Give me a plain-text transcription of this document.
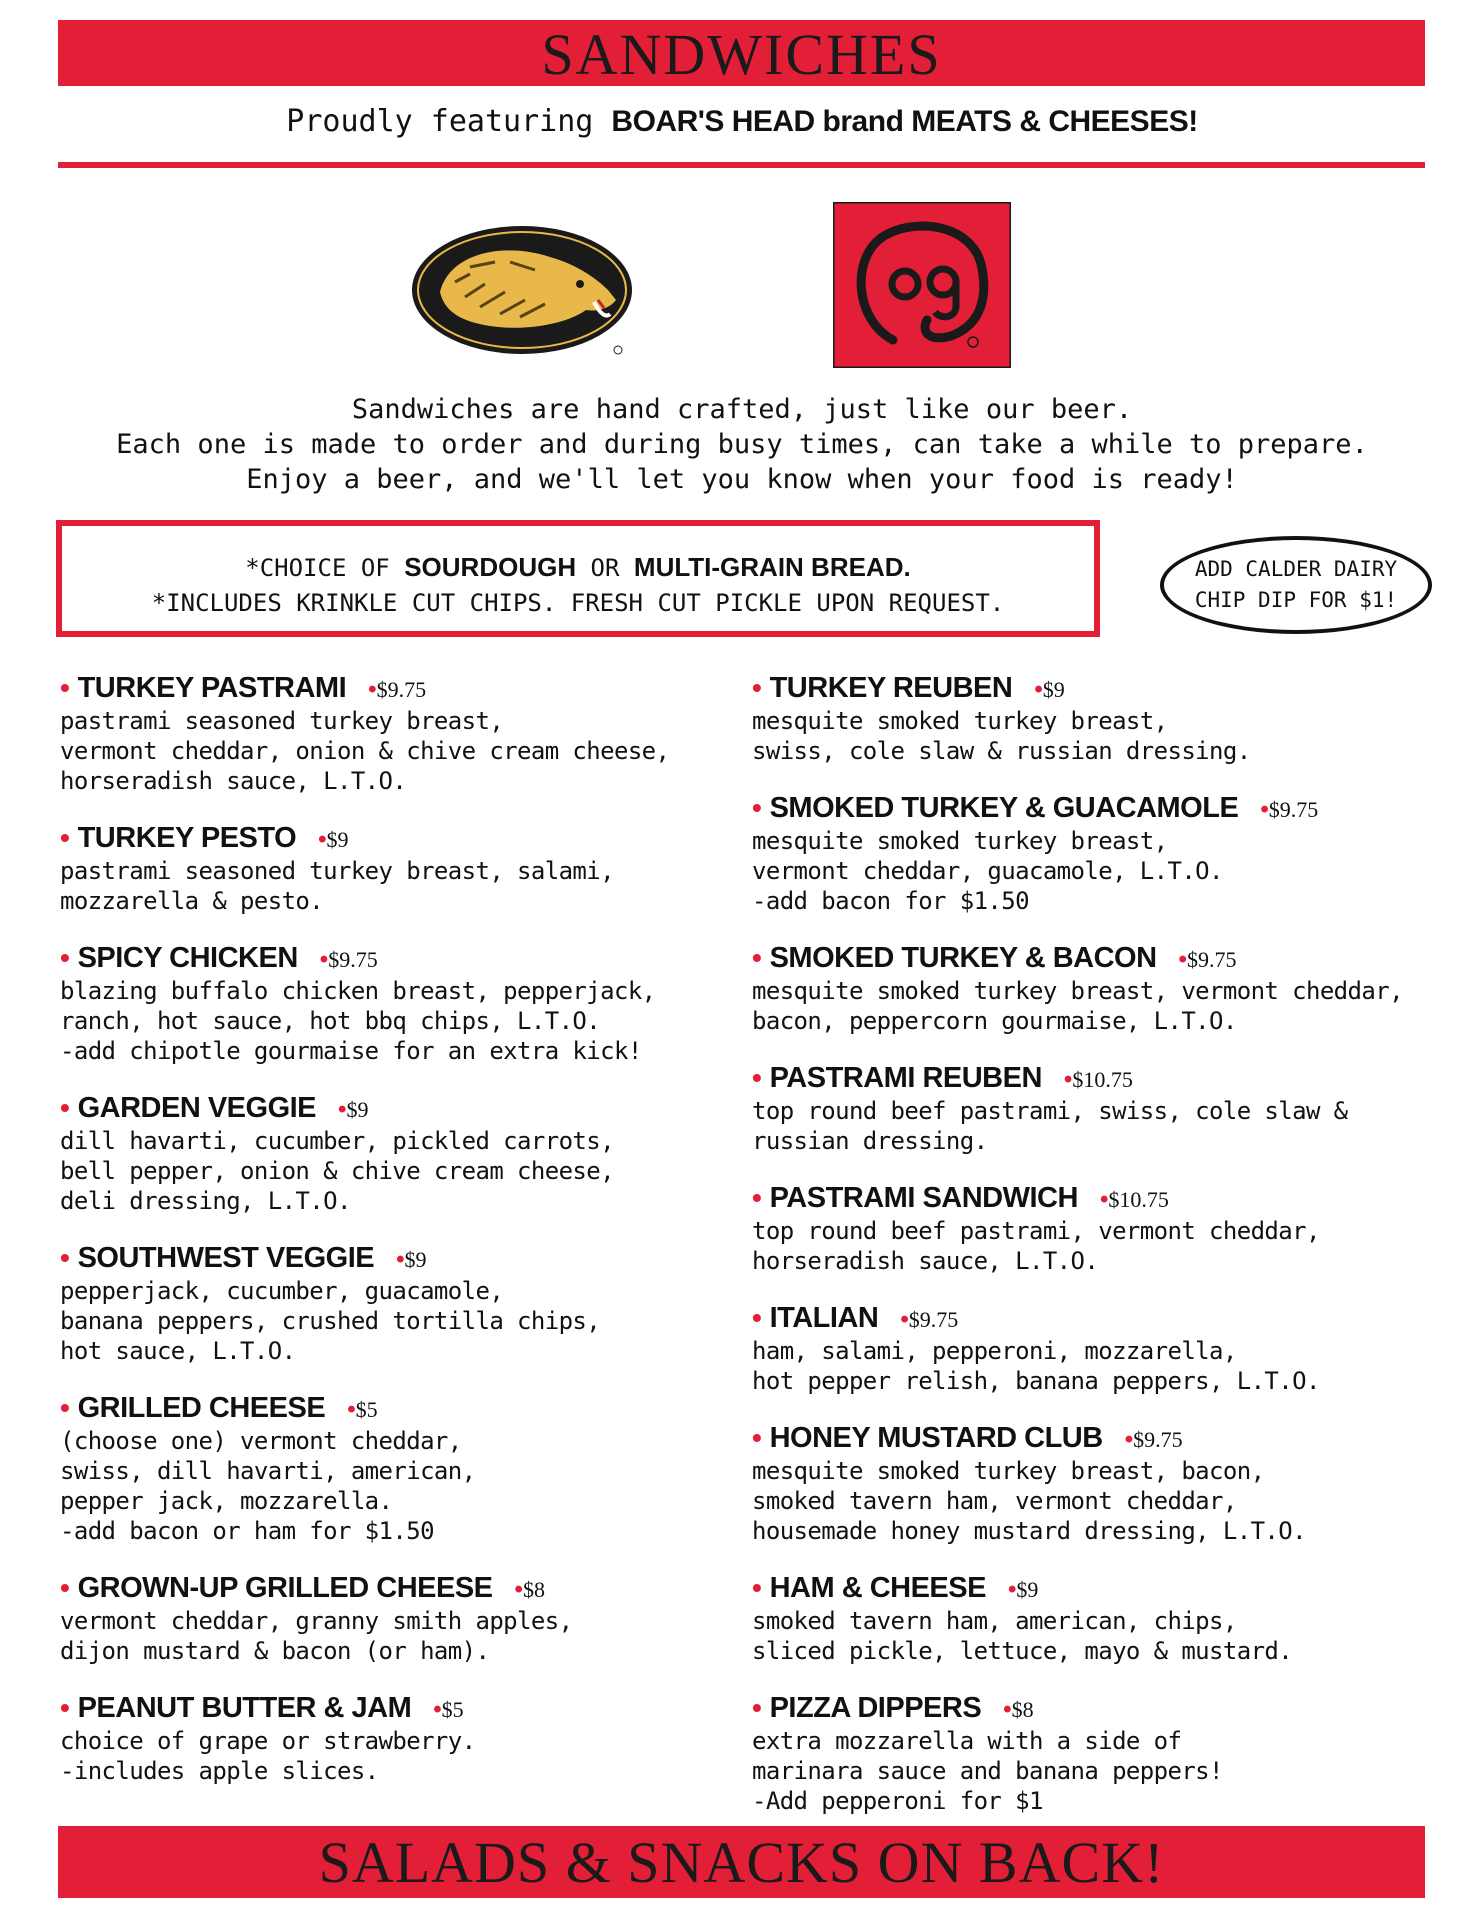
SANDWICHES
Proudly featuring BOAR'S HEAD brand MEATS & CHEESES!
Sandwiches are hand crafted, just like our beer.
Each one is made to order and during busy times, can take a while to prepare.
Enjoy a beer, and we'll let you know when your food is ready!
*CHOICE OF SOURDOUGH OR MULTI-GRAIN BREAD.
*INCLUDES KRINKLE CUT CHIPS. FRESH CUT PICKLE UPON REQUEST.
ADD CALDER DAIRY
CHIP DIP FOR $1!
• TURKEY PASTRAMI •$9.75
pastrami seasoned turkey breast,
vermont cheddar, onion & chive cream cheese,
horseradish sauce, L.T.O.
• TURKEY PESTO •$9
pastrami seasoned turkey breast, salami,
mozzarella & pesto.
• SPICY CHICKEN •$9.75
blazing buffalo chicken breast, pepperjack,
ranch, hot sauce, hot bbq chips, L.T.O.
-add chipotle gourmaise for an extra kick!
• GARDEN VEGGIE •$9
dill havarti, cucumber, pickled carrots,
bell pepper, onion & chive cream cheese,
deli dressing, L.T.O.
• SOUTHWEST VEGGIE •$9
pepperjack, cucumber, guacamole,
banana peppers, crushed tortilla chips,
hot sauce, L.T.O.
• GRILLED CHEESE •$5
(choose one) vermont cheddar,
swiss, dill havarti, american,
pepper jack, mozzarella.
-add bacon or ham for $1.50
• GROWN-UP GRILLED CHEESE •$8
vermont cheddar, granny smith apples,
dijon mustard & bacon (or ham).
• PEANUT BUTTER & JAM •$5
choice of grape or strawberry.
-includes apple slices.
• TURKEY REUBEN •$9
mesquite smoked turkey breast,
swiss, cole slaw & russian dressing.
• SMOKED TURKEY & GUACAMOLE •$9.75
mesquite smoked turkey breast,
vermont cheddar, guacamole, L.T.O.
-add bacon for $1.50
• SMOKED TURKEY & BACON •$9.75
mesquite smoked turkey breast, vermont cheddar,
bacon, peppercorn gourmaise, L.T.O.
• PASTRAMI REUBEN •$10.75
top round beef pastrami, swiss, cole slaw &
russian dressing.
• PASTRAMI SANDWICH •$10.75
top round beef pastrami, vermont cheddar,
horseradish sauce, L.T.O.
• ITALIAN •$9.75
ham, salami, pepperoni, mozzarella,
hot pepper relish, banana peppers, L.T.O.
• HONEY MUSTARD CLUB •$9.75
mesquite smoked turkey breast, bacon,
smoked tavern ham, vermont cheddar,
housemade honey mustard dressing, L.T.O.
• HAM & CHEESE •$9
smoked tavern ham, american, chips,
sliced pickle, lettuce, mayo & mustard.
• PIZZA DIPPERS •$8
extra mozzarella with a side of
marinara sauce and banana peppers!
-Add pepperoni for $1
SALADS & SNACKS ON BACK!
